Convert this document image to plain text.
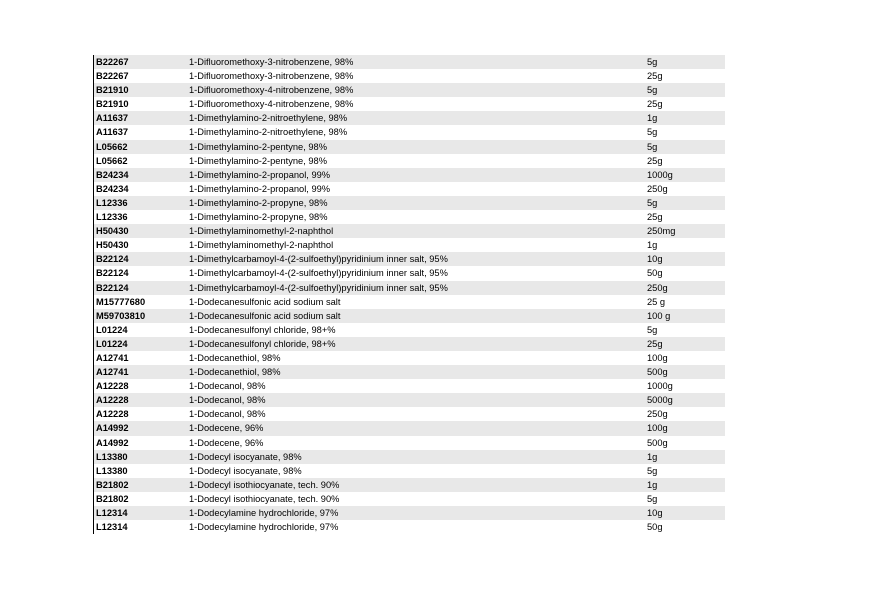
B22267	1-Difluoromethoxy-3-nitrobenzene, 98%	5g
B22267	1-Difluoromethoxy-3-nitrobenzene, 98%	25g
B21910	1-Difluoromethoxy-4-nitrobenzene, 98%	5g
B21910	1-Difluoromethoxy-4-nitrobenzene, 98%	25g
A11637	1-Dimethylamino-2-nitroethylene, 98%	1g
A11637	1-Dimethylamino-2-nitroethylene, 98%	5g
L05662	1-Dimethylamino-2-pentyne, 98%	5g
L05662	1-Dimethylamino-2-pentyne, 98%	25g
B24234	1-Dimethylamino-2-propanol, 99%	1000g
B24234	1-Dimethylamino-2-propanol, 99%	250g
L12336	1-Dimethylamino-2-propyne, 98%	5g
L12336	1-Dimethylamino-2-propyne, 98%	25g
H50430	1-Dimethylaminomethyl-2-naphthol	250mg
H50430	1-Dimethylaminomethyl-2-naphthol	1g
B22124	1-Dimethylcarbamoyl-4-(2-sulfoethyl)pyridinium inner salt, 95%	10g
B22124	1-Dimethylcarbamoyl-4-(2-sulfoethyl)pyridinium inner salt, 95%	50g
B22124	1-Dimethylcarbamoyl-4-(2-sulfoethyl)pyridinium inner salt, 95%	250g
M15777680	1-Dodecanesulfonic acid sodium salt	25 g
M59703810	1-Dodecanesulfonic acid sodium salt	100 g
L01224	1-Dodecanesulfonyl chloride, 98+%	5g
L01224	1-Dodecanesulfonyl chloride, 98+%	25g
A12741	1-Dodecanethiol, 98%	100g
A12741	1-Dodecanethiol, 98%	500g
A12228	1-Dodecanol, 98%	1000g
A12228	1-Dodecanol, 98%	5000g
A12228	1-Dodecanol, 98%	250g
A14992	1-Dodecene, 96%	100g
A14992	1-Dodecene, 96%	500g
L13380	1-Dodecyl isocyanate, 98%	1g
L13380	1-Dodecyl isocyanate, 98%	5g
B21802	1-Dodecyl isothiocyanate, tech. 90%	1g
B21802	1-Dodecyl isothiocyanate, tech. 90%	5g
L12314	1-Dodecylamine hydrochloride, 97%	10g
L12314	1-Dodecylamine hydrochloride, 97%	50g
